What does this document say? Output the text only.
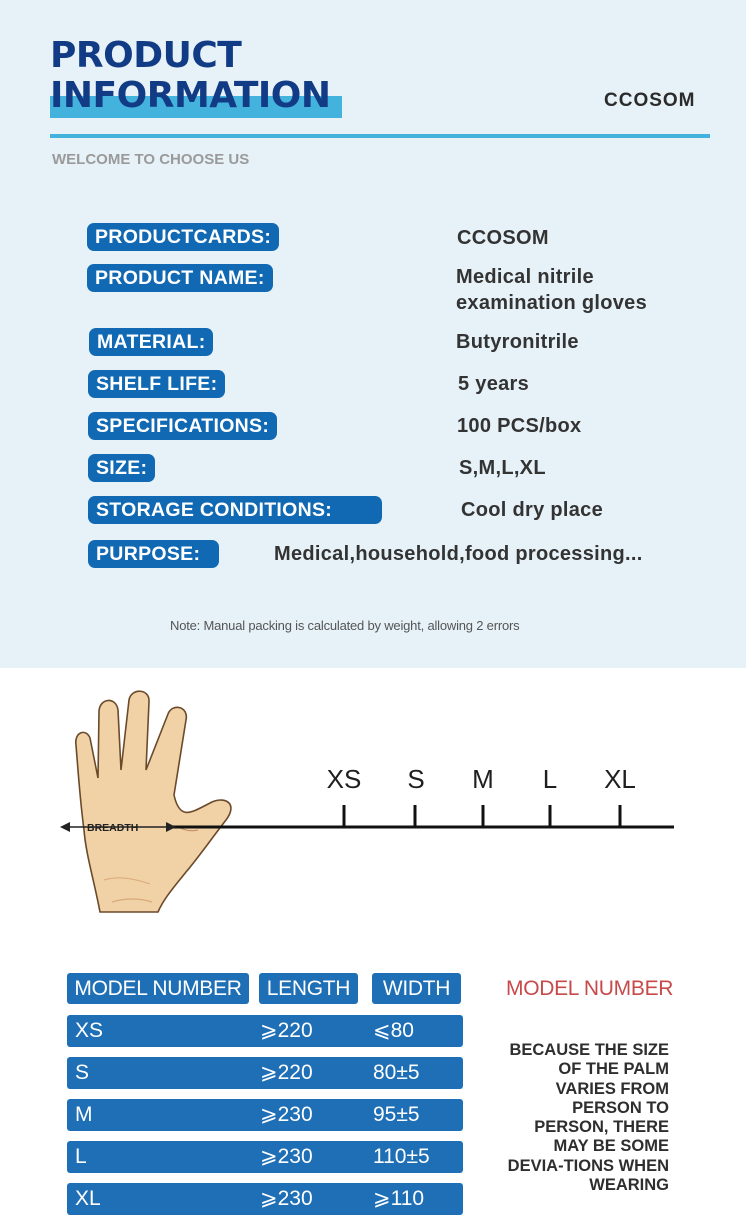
PRODUCT
INFORMATION	CCOSOM
WELCOME TO CHOOSE US
PRODUCTCARDS:	CCOSOM
PRODUCT NAME:	Medical nitrile
examination gloves
MATERIAL:	Butyronitrile
SHELF LIFE:	5 years
SPECIFICATIONS:	100 PCS/box
SIZE:	S,M,L,XL
STORAGE CONDITIONS:	Cool dry place
PURPOSE:	Medical,household,food processing...
Note: Manual packing is calculated by weight, allowing 2 errors
BREADTH
XS S M L XL
MODEL NUMBER	LENGTH	WIDTH
XS	⩾220	⩽80
S	⩾220	80±5
M	⩾230	95±5
L	⩾230	110±5
XL	⩾230	⩾110
MODEL NUMBER
BECAUSE THE SIZE OF THE PALM VARIES FROM PERSON TO PERSON, THERE MAY BE SOME DEVIA-TIONS WHEN WEARING
